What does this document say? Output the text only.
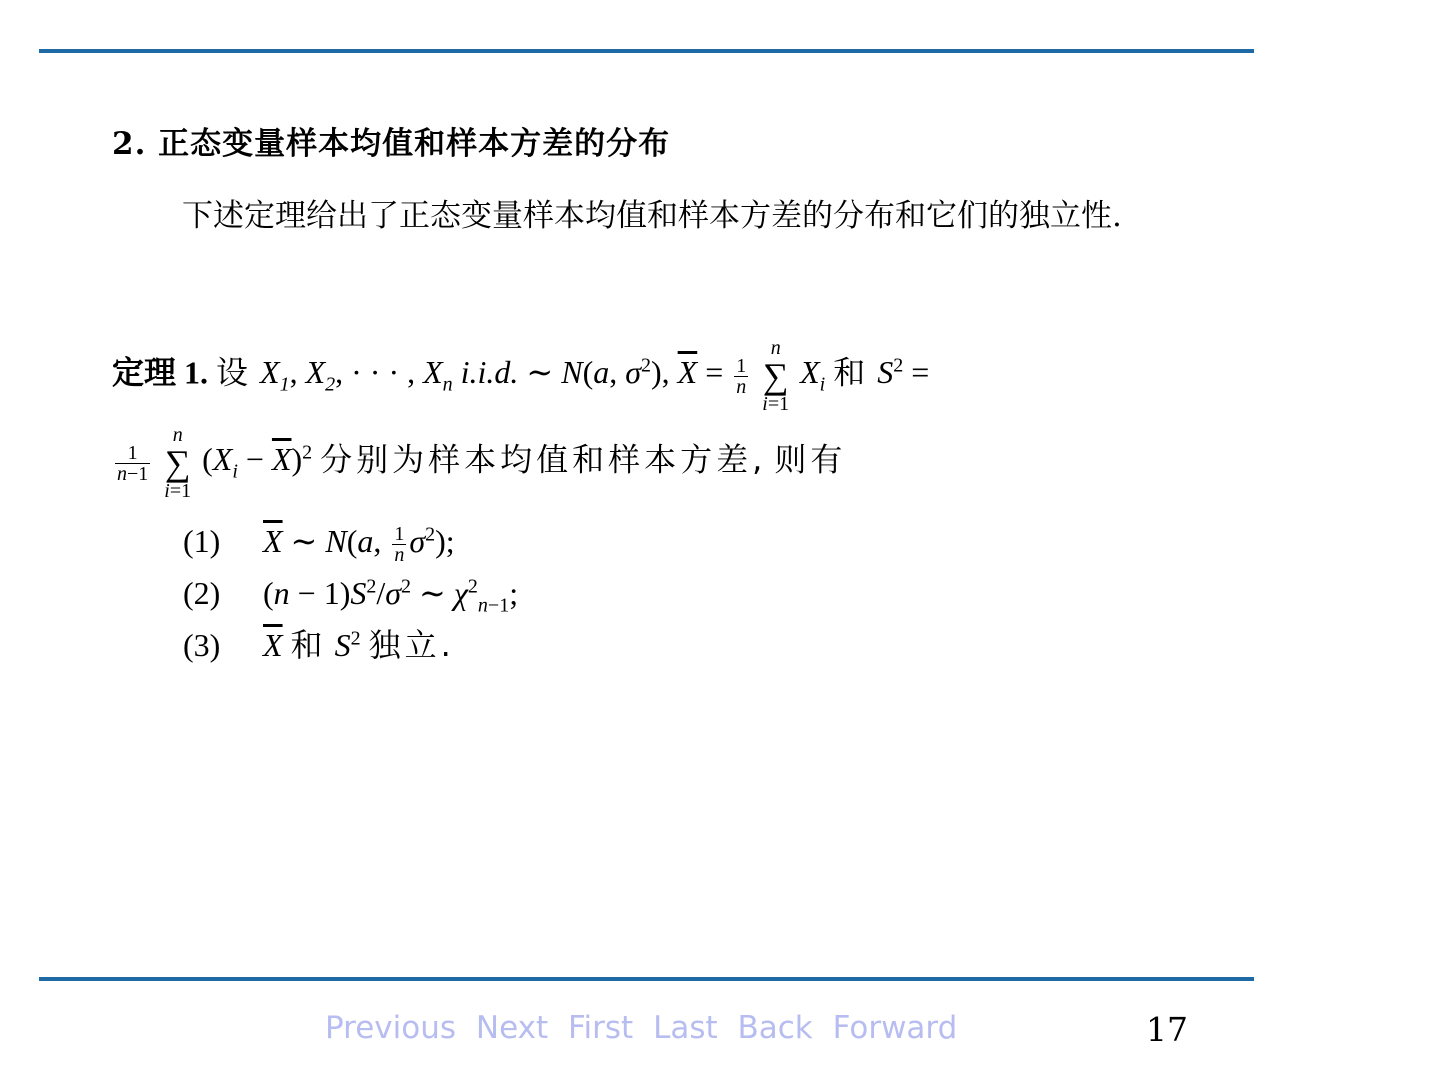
2. 正态变量样本均值和样本方差的分布
下述定理给出了正态变量样本均值和样本方差的分布和它们的独立性.
定理 1. 设 $X_1$, $X_2$, · · · , $X_n$ i.i.d. ∼ N(a, $\sigma^2$), $\overline{X} = \frac{1}{n}$

n
∑
i=1
$X_i$ 和 $S^2$ =
$\frac{1}{n-1}$

n
∑
i=1
$(X_i - \overline{X})^2$ 分别为样本均值和样本方差, 则有
(1) $\overline{X}$ ∼ N(a, $\frac{1}{n} \sigma^2$);
(2) $(n - 1)S^2/\sigma^2$ ∼ $\chi^2_{n-1}$;
(3) $\overline{X}$ 和 $S^2$ 独立.
Previous Next First Last Back Forward	17
